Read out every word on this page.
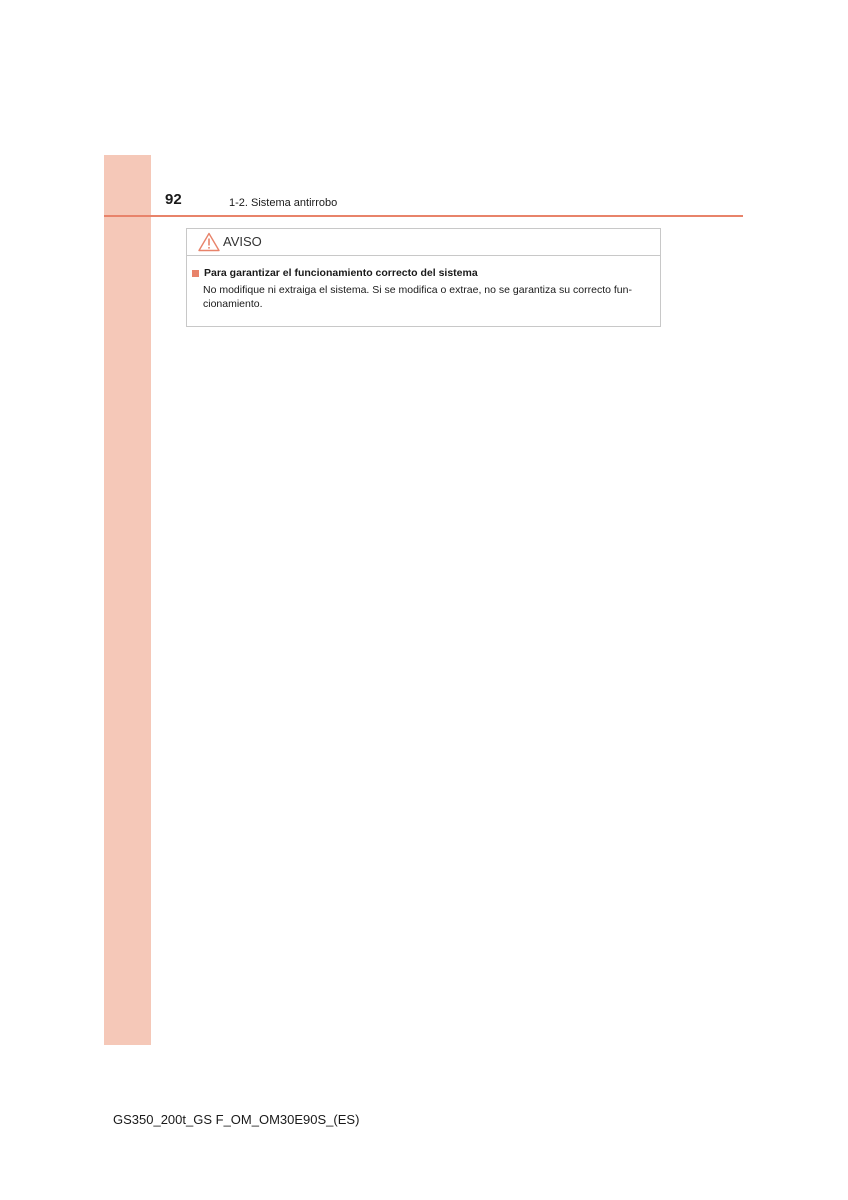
92	1-2. Sistema antirrobo
AVISO
Para garantizar el funcionamiento correcto del sistema
No modifique ni extraiga el sistema. Si se modifica o extrae, no se garantiza su correcto fun-
cionamiento.
GS350_200t_GS F_OM_OM30E90S_(ES)
